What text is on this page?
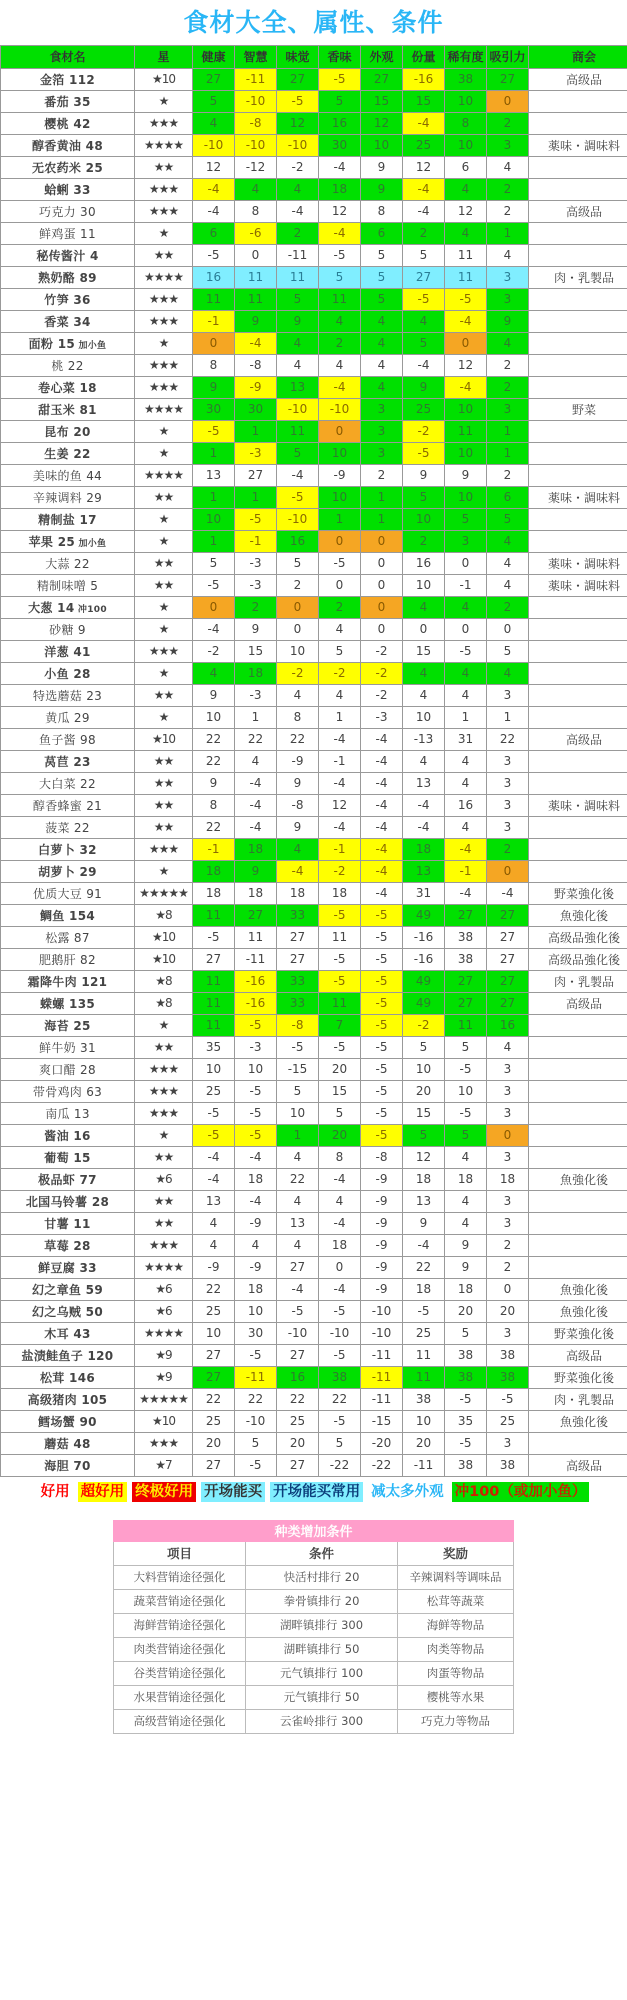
食材大全、属性、条件
食材名	星	健康	智慧	味觉	香味	外观	份量	稀有度	吸引力	商会
金箔 112	★10	27	-11	27	-5	27	-16	38	27	高级品
番茄 35	★	5	-10	-5	5	15	15	10	0	
樱桃 42	★★★	4	-8	12	16	12	-4	8	2	
醇香黄油 48	★★★★	-10	-10	-10	30	10	25	10	3	薬味・調味料
无农药米 25	★★	12	-12	-2	-4	9	12	6	4	
蛤蜊 33	★★★	-4	4	4	18	9	-4	4	2	
巧克力 30	★★★	-4	8	-4	12	8	-4	12	2	高级品
鲜鸡蛋 11	★	6	-6	2	-4	6	2	4	1	
秘传酱汁 4	★★	-5	0	-11	-5	5	5	11	4	
熟奶酪 89	★★★★	16	11	11	5	5	27	11	3	肉・乳製品
竹笋 36	★★★	11	11	5	11	5	-5	-5	3	
香菜 34	★★★	-1	9	9	4	4	4	-4	9	
面粉 15 加小鱼	★	0	-4	4	2	4	5	0	4	
桃 22	★★★	8	-8	4	4	4	-4	12	2	
卷心菜 18	★★★	9	-9	13	-4	4	9	-4	2	
甜玉米 81	★★★★	30	30	-10	-10	3	25	10	3	野菜
昆布 20	★	-5	1	11	0	3	-2	11	1	
生姜 22	★	1	-3	5	10	3	-5	10	1	
美味的鱼 44	★★★★	13	27	-4	-9	2	9	9	2	
辛辣调料 29	★★	1	1	-5	10	1	5	10	6	薬味・調味料
精制盐 17	★	10	-5	-10	1	1	10	5	5	
苹果 25 加小鱼	★	1	-1	16	0	0	2	3	4	
大蒜 22	★★	5	-3	5	-5	0	16	0	4	薬味・調味料
精制味噌 5	★★	-5	-3	2	0	0	10	-1	4	薬味・調味料
大葱 14 冲100	★	0	2	0	2	0	4	4	2	
砂糖 9	★	-4	9	0	4	0	0	0	0	
洋葱 41	★★★	-2	15	10	5	-2	15	-5	5	
小鱼 28	★	4	18	-2	-2	-2	4	4	4	
特选蘑菇 23	★★	9	-3	4	4	-2	4	4	3	
黄瓜 29	★	10	1	8	1	-3	10	1	1	
鱼子酱 98	★10	22	22	22	-4	-4	-13	31	22	高级品
莴苣 23	★★	22	4	-9	-1	-4	4	4	3	
大白菜 22	★★	9	-4	9	-4	-4	13	4	3	
醇香蜂蜜 21	★★	8	-4	-8	12	-4	-4	16	3	薬味・調味料
菠菜 22	★★	22	-4	9	-4	-4	-4	4	3	
白萝卜 32	★★★	-1	18	4	-1	-4	18	-4	2	
胡萝卜 29	★	18	9	-4	-2	-4	13	-1	0	
优质大豆 91	★★★★★	18	18	18	18	-4	31	-4	-4	野菜強化後
鲷鱼 154	★8	11	27	33	-5	-5	49	27	27	魚強化後
松露 87	★10	-5	11	27	11	-5	-16	38	27	高级品強化後
肥鹅肝 82	★10	27	-11	27	-5	-5	-16	38	27	高级品強化後
霜降牛肉 121	★8	11	-16	33	-5	-5	49	27	27	肉・乳製品
蝾螺 135	★8	11	-16	33	11	-5	49	27	27	高级品
海苔 25	★	11	-5	-8	7	-5	-2	11	16	
鲜牛奶 31	★★	35	-3	-5	-5	-5	5	5	4	
爽口醋 28	★★★	10	10	-15	20	-5	10	-5	3	
带骨鸡肉 63	★★★	25	-5	5	15	-5	20	10	3	
南瓜 13	★★★	-5	-5	10	5	-5	15	-5	3	
酱油 16	★	-5	-5	1	20	-5	5	5	0	
葡萄 15	★★	-4	-4	4	8	-8	12	4	3	
极品虾 77	★6	-4	18	22	-4	-9	18	18	18	魚強化後
北国马铃薯 28	★★	13	-4	4	4	-9	13	4	3	
甘薯 11	★★	4	-9	13	-4	-9	9	4	3	
草莓 28	★★★	4	4	4	18	-9	-4	9	2	
鲜豆腐 33	★★★★	-9	-9	27	0	-9	22	9	2	
幻之章鱼 59	★6	22	18	-4	-4	-9	18	18	0	魚強化後
幻之乌贼 50	★6	25	10	-5	-5	-10	-5	20	20	魚強化後
木耳 43	★★★★	10	30	-10	-10	-10	25	5	3	野菜強化後
盐渍鲑鱼子 120	★9	27	-5	27	-5	-11	11	38	38	高级品
松茸 146	★9	27	-11	16	38	-11	11	38	38	野菜強化後
高级猪肉 105	★★★★★	22	22	22	22	-11	38	-5	-5	肉・乳製品
鳕场蟹 90	★10	25	-10	25	-5	-15	10	35	25	魚強化後
蘑菇 48	★★★	20	5	20	5	-20	20	-5	3	
海胆 70	★7	27	-5	27	-22	-22	-11	38	38	高级品
好用 超好用 终极好用 开场能买 开场能买常用 减太多外观 冲100（或加小鱼）
种类增加条件		
项目	条件	奖励
大料营销途径强化	快活村排行 20	辛辣调料等调味品
蔬菜营销途径强化	拳骨镇排行 20	松茸等蔬菜
海鲜营销途径强化	湖畔镇排行 300	海鲜等物品
肉类营销途径强化	湖畔镇排行 50	肉类等物品
谷类营销途径强化	元气镇排行 100	肉蛋等物品
水果营销途径强化	元气镇排行 50	樱桃等水果
高级营销途径强化	云雀岭排行 300	巧克力等物品
